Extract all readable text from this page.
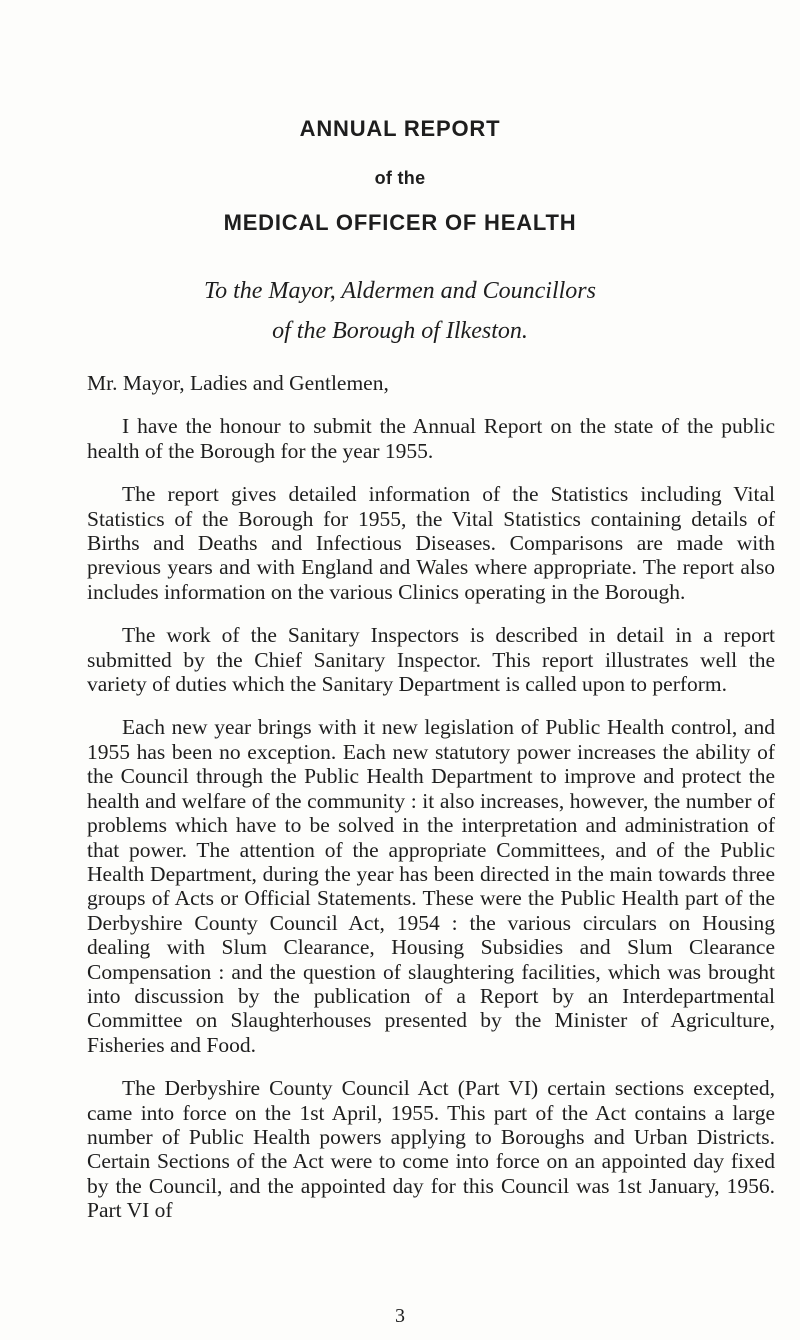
ANNUAL REPORT
of the
MEDICAL OFFICER OF HEALTH
To the Mayor, Aldermen and Councillors
of the Borough of Ilkeston.

Mr. Mayor, Ladies and Gentlemen,

I have the honour to submit the Annual Report on the state of the public health of the Borough for the year 1955.

The report gives detailed information of the Statistics including Vital Statistics of the Borough for 1955, the Vital Statistics containing details of Births and Deaths and Infectious Diseases. Comparisons are made with previous years and with England and Wales where appropriate. The report also includes information on the various Clinics operating in the Borough.

The work of the Sanitary Inspectors is described in detail in a report submitted by the Chief Sanitary Inspector. This report illustrates well the variety of duties which the Sanitary Department is called upon to perform.

Each new year brings with it new legislation of Public Health control, and 1955 has been no exception. Each new statutory power increases the ability of the Council through the Public Health Department to improve and protect the health and welfare of the community : it also increases, however, the number of problems which have to be solved in the interpretation and administration of that power. The attention of the appropriate Committees, and of the Public Health Department, during the year has been directed in the main towards three groups of Acts or Official Statements. These were the Public Health part of the Derbyshire County Council Act, 1954 : the various circulars on Housing dealing with Slum Clearance, Housing Subsidies and Slum Clearance Compensation : and the question of slaughtering facilities, which was brought into discussion by the publication of a Report by an Interdepartmental Committee on Slaughterhouses presented by the Minister of Agriculture, Fisheries and Food.

The Derbyshire County Council Act (Part VI) certain sections excepted, came into force on the 1st April, 1955. This part of the Act contains a large number of Public Health powers applying to Boroughs and Urban Districts. Certain Sections of the Act were to come into force on an appointed day fixed by the Council, and the appointed day for this Council was 1st January, 1956. Part VI of

3
